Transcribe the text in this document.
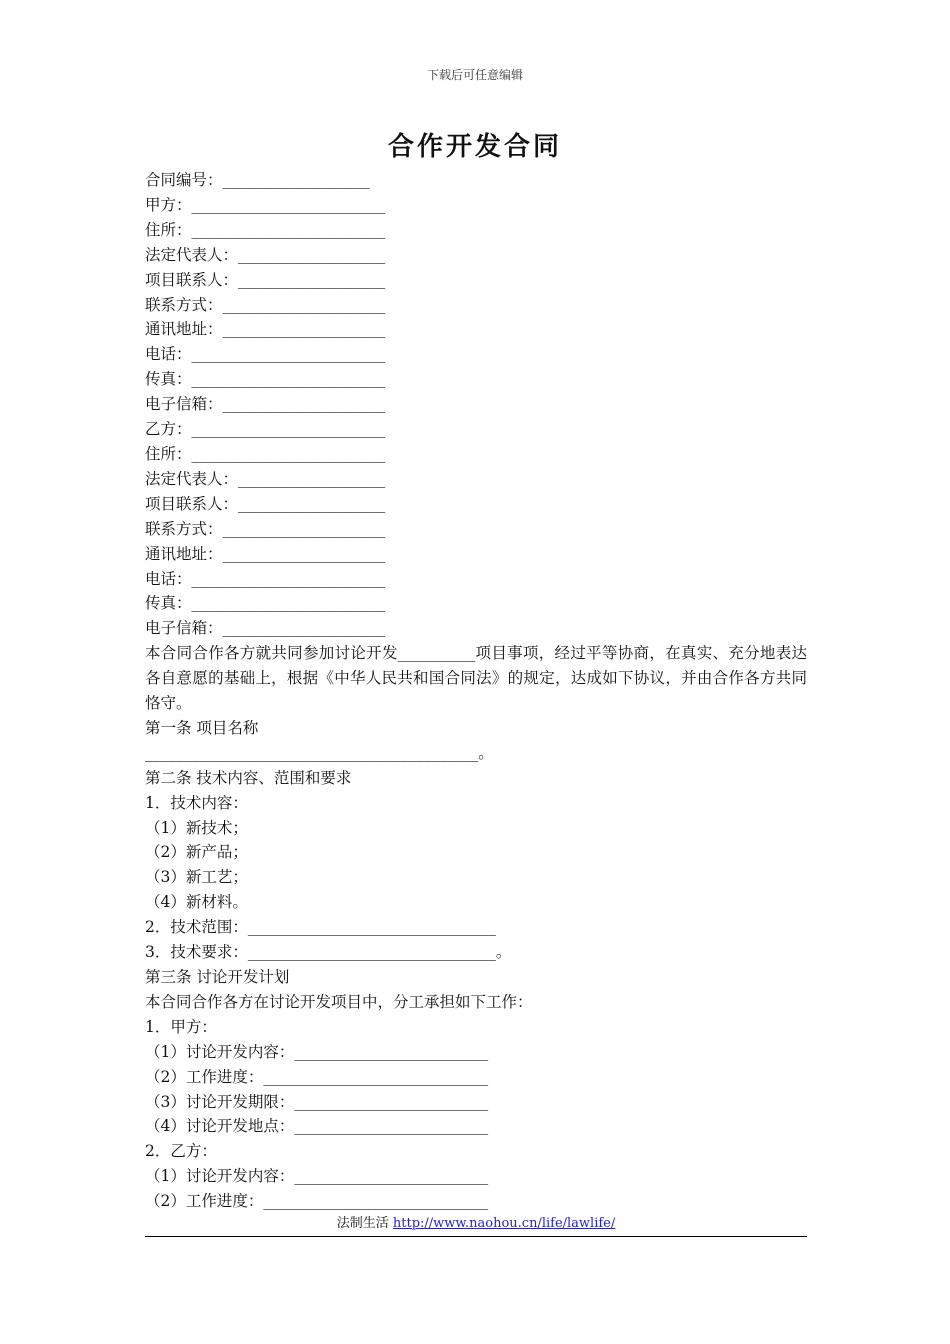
下载后可任意编辑
合作开发合同
合同编号：___________________
甲方：_________________________
住所：_________________________
法定代表人：___________________
项目联系人：___________________
联系方式：_____________________
通讯地址：_____________________
电话：_________________________
传真：_________________________
电子信箱：_____________________
乙方：_________________________
住所：_________________________
法定代表人：___________________
项目联系人：___________________
联系方式：_____________________
通讯地址：_____________________
电话：_________________________
传真：_________________________
电子信箱：_____________________
本合同合作各方就共同参加讨论开发__________项目事项，经过平等协商，在真实、充分地表达各自意愿的基础上，根据《中华人民共和国合同法》的规定，达成如下协议，并由合作各方共同恪守。
第一条 项目名称
___________________________________________。
第二条 技术内容、范围和要求
1．技术内容：
（1）新技术；
（2）新产品；
（3）新工艺；
（4）新材料。
2．技术范围：________________________________
3．技术要求：________________________________。
第三条 讨论开发计划
本合同合作各方在讨论开发项目中，分工承担如下工作：
1．甲方：
（1）讨论开发内容：_________________________
（2）工作进度：_____________________________
（3）讨论开发期限：_________________________
（4）讨论开发地点：_________________________
2．乙方：
（1）讨论开发内容：_________________________
（2）工作进度：_____________________________
法制生活 http://www.naohou.cn/life/lawlife/
